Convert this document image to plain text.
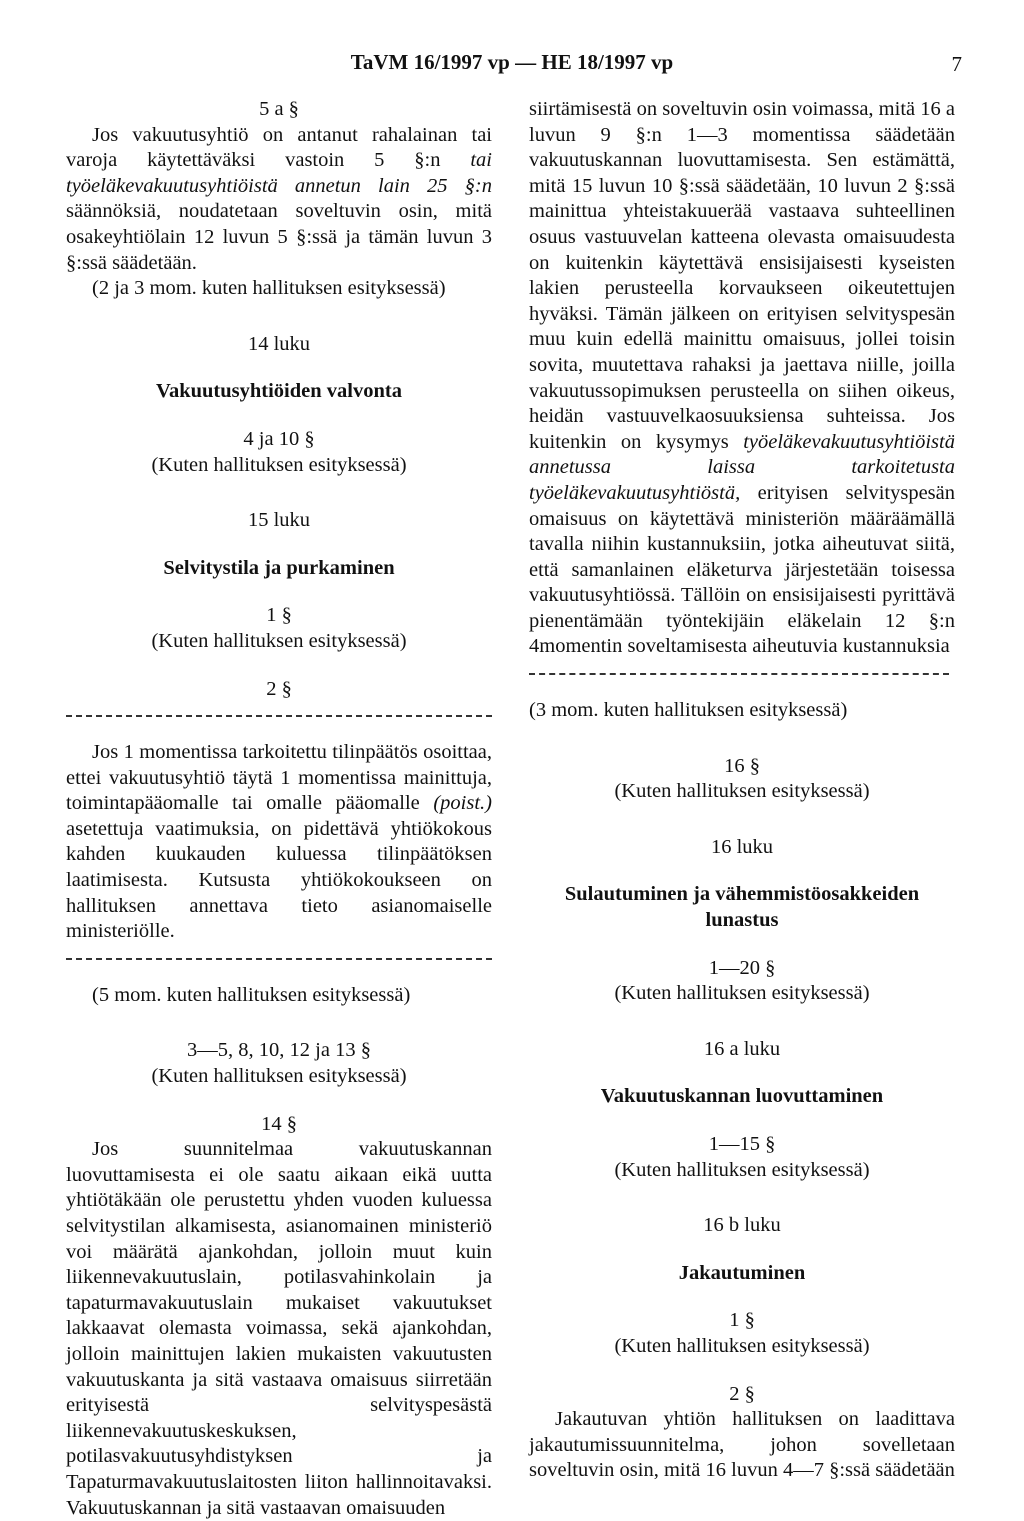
TaVM 16/1997 vp — HE 18/1997 vp	7

5 a §

Jos vakuutusyhtiö on antanut rahalainan tai varoja käytettäväksi vastoin 5 §:n tai työeläkevakuutusyhtiöistä annetun lain 25 §:n säännöksiä, noudatetaan soveltuvin osin, mitä osakeyhtiölain 12 luvun 5 §:ssä ja tämän luvun 3 §:ssä säädetään.

(2 ja 3 mom. kuten hallituksen esityksessä)

14 luku

Vakuutusyhtiöiden valvonta

4 ja 10 §

(Kuten hallituksen esityksessä)

15 luku

Selvitystila ja purkaminen

1 §

(Kuten hallituksen esityksessä)

2 §

Jos 1 momentissa tarkoitettu tilinpäätös osoittaa, ettei vakuutusyhtiö täytä 1 momentissa mainittuja, toimintapääomalle tai omalle pääomalle (poist.) asetettuja vaatimuksia, on pidettävä yhtiökokous kahden kuukauden kuluessa tilinpäätöksen laatimisesta. Kutsusta yhtiökokoukseen on hallituksen annettava tieto asianomaiselle ministeriölle.

(5 mom. kuten hallituksen esityksessä)

3—5, 8, 10, 12 ja 13 §

(Kuten hallituksen esityksessä)

14 §

Jos suunnitelmaa vakuutuskannan luovuttamisesta ei ole saatu aikaan eikä uutta yhtiötäkään ole perustettu yhden vuoden kuluessa selvitystilan alkamisesta, asianomainen ministeriö voi määrätä ajankohdan, jolloin muut kuin liikennevakuutuslain, potilasvahinkolain ja tapaturmavakuutuslain mukaiset vakuutukset lakkaavat olemasta voimassa, sekä ajankohdan, jolloin mainittujen lakien mukaisten vakuutusten vakuutuskanta ja sitä vastaava omaisuus siirretään erityisestä selvityspesästä liikennevakuutuskeskuksen, potilasvakuutusyhdistyksen ja Tapaturmavakuutuslaitosten liiton hallinnoitavaksi. Vakuutuskannan ja sitä vastaavan omaisuuden

siirtämisestä on soveltuvin osin voimassa, mitä 16 a luvun 9 §:n 1—3 momentissa säädetään vakuutuskannan luovuttamisesta. Sen estämättä, mitä 15 luvun 10 §:ssä säädetään, 10 luvun 2 §:ssä mainittua yhteistakuuerää vastaava suhteellinen osuus vastuuvelan katteena olevasta omaisuudesta on kuitenkin käytettävä ensisijaisesti kyseisten lakien perusteella korvaukseen oikeutettujen hyväksi. Tämän jälkeen on erityisen selvityspesän muu kuin edellä mainittu omaisuus, jollei toisin sovita, muutettava rahaksi ja jaettava niille, joilla vakuutussopimuksen perusteella on siihen oikeus, heidän vastuuvelkaosuuksiensa suhteissa. Jos kuitenkin on kysymys työeläkevakuutusyhtiöistä annetussa laissa tarkoitetusta työeläkevakuutusyhtiöstä, erityisen selvityspesän omaisuus on käytettävä ministeriön määräämällä tavalla niihin kustannuksiin, jotka aiheutuvat siitä, että samanlainen eläketurva järjestetään toisessa vakuutusyhtiössä. Tällöin on ensisijaisesti pyrittävä pienentämään työntekijäin eläkelain 12 §:n 4momentin soveltamisesta aiheutuvia kustannuksia

(3 mom. kuten hallituksen esityksessä)

16 §

(Kuten hallituksen esityksessä)

16 luku

Sulautuminen ja vähemmistöosakkeiden lunastus

1—20 §

(Kuten hallituksen esityksessä)

16 a luku

Vakuutuskannan luovuttaminen

1—15 §

(Kuten hallituksen esityksessä)

16 b luku

Jakautuminen

1 §

(Kuten hallituksen esityksessä)

2 §

Jakautuvan yhtiön hallituksen on laadittava jakautumissuunnitelma, johon sovelletaan soveltuvin osin, mitä 16 luvun 4—7 §:ssä säädetään
